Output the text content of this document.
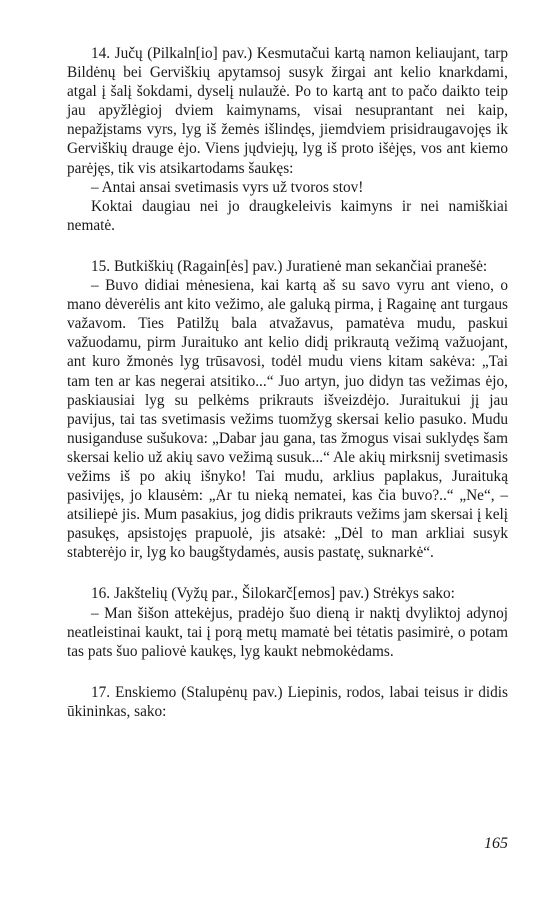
14. Jučų (Pilkaln[io] pav.) Kesmutačui kartą namon keliaujant, tarp Bildėnų bei Gerviškių apytamsoj susyk žirgai ant kelio knarkdami, atgal į šalį šokdami, dyselį nulaužė. Po to kartą ant to pačo daikto teip jau apyžlėgioj dviem kaimynams, visai nesuprantant nei kaip, nepažįstams vyrs, lyg iš žemės išlindęs, jiemdviem prisidraugavojęs ik Gerviškių drauge ėjo. Viens jųdviejų, lyg iš proto išėjęs, vos ant kiemo parėjęs, tik vis atsikartodams šaukęs:

– Antai ansai svetimasis vyrs už tvoros stov!

Koktai daugiau nei jo draugkeleivis kaimyns ir nei namiškiai nematė.

15. Butkiškių (Ragain[ės] pav.) Juratienė man sekančiai pranešė:

– Buvo didiai mėnesiena, kai kartą aš su savo vyru ant vieno, o mano dėverėlis ant kito vežimo, ale galuką pirma, į Ragainę ant turgaus važavom. Ties Patilžų bala atvažavus, pamatėva mudu, paskui važuodamu, pirm Juraituko ant kelio didį prikrautą vežimą važuojant, ant kuro žmonės lyg trūsavosi, todėl mudu viens kitam sakėva: „Tai tam ten ar kas negerai atsitiko...“ Juo artyn, juo didyn tas vežimas ėjo, paskiausiai lyg su pelkėms prikrauts išveizdėjo. Juraitukui jį jau pavijus, tai tas svetimasis vežims tuomžyg skersai kelio pasuko. Mudu nusiganduse sušukova: „Dabar jau gana, tas žmogus visai suklydęs šam skersai kelio už akių savo vežimą susuk...“ Ale akių mirksnij svetimasis vežims iš po akių išnyko! Tai mudu, arklius paplakus, Juraituką pasivijęs, jo klausėm: „Ar tu nieką nematei, kas čia buvo?..“ „Ne“, – atsiliepė jis. Mum pasakius, jog didis prikrauts vežims jam skersai į kelį pasukęs, apsistojęs prapuolė, jis atsakė: „Dėl to man arkliai susyk stabterėjo ir, lyg ko baugštydamės, ausis pastatę, suknarkė“.

16. Jakštelių (Vyžų par., Šilokarč[emos] pav.) Strėkys sako:

– Man šišon attekėjus, pradėjo šuo dieną ir naktį dvyliktoj adynoj neatleistinai kaukt, tai į porą metų mamatė bei tėtatis pasimirė, o potam tas pats šuo paliovė kaukęs, lyg kaukt nebmokėdams.

17. Enskiemo (Stalupėnų pav.) Liepinis, rodos, labai teisus ir didis ūkininkas, sako:

165
